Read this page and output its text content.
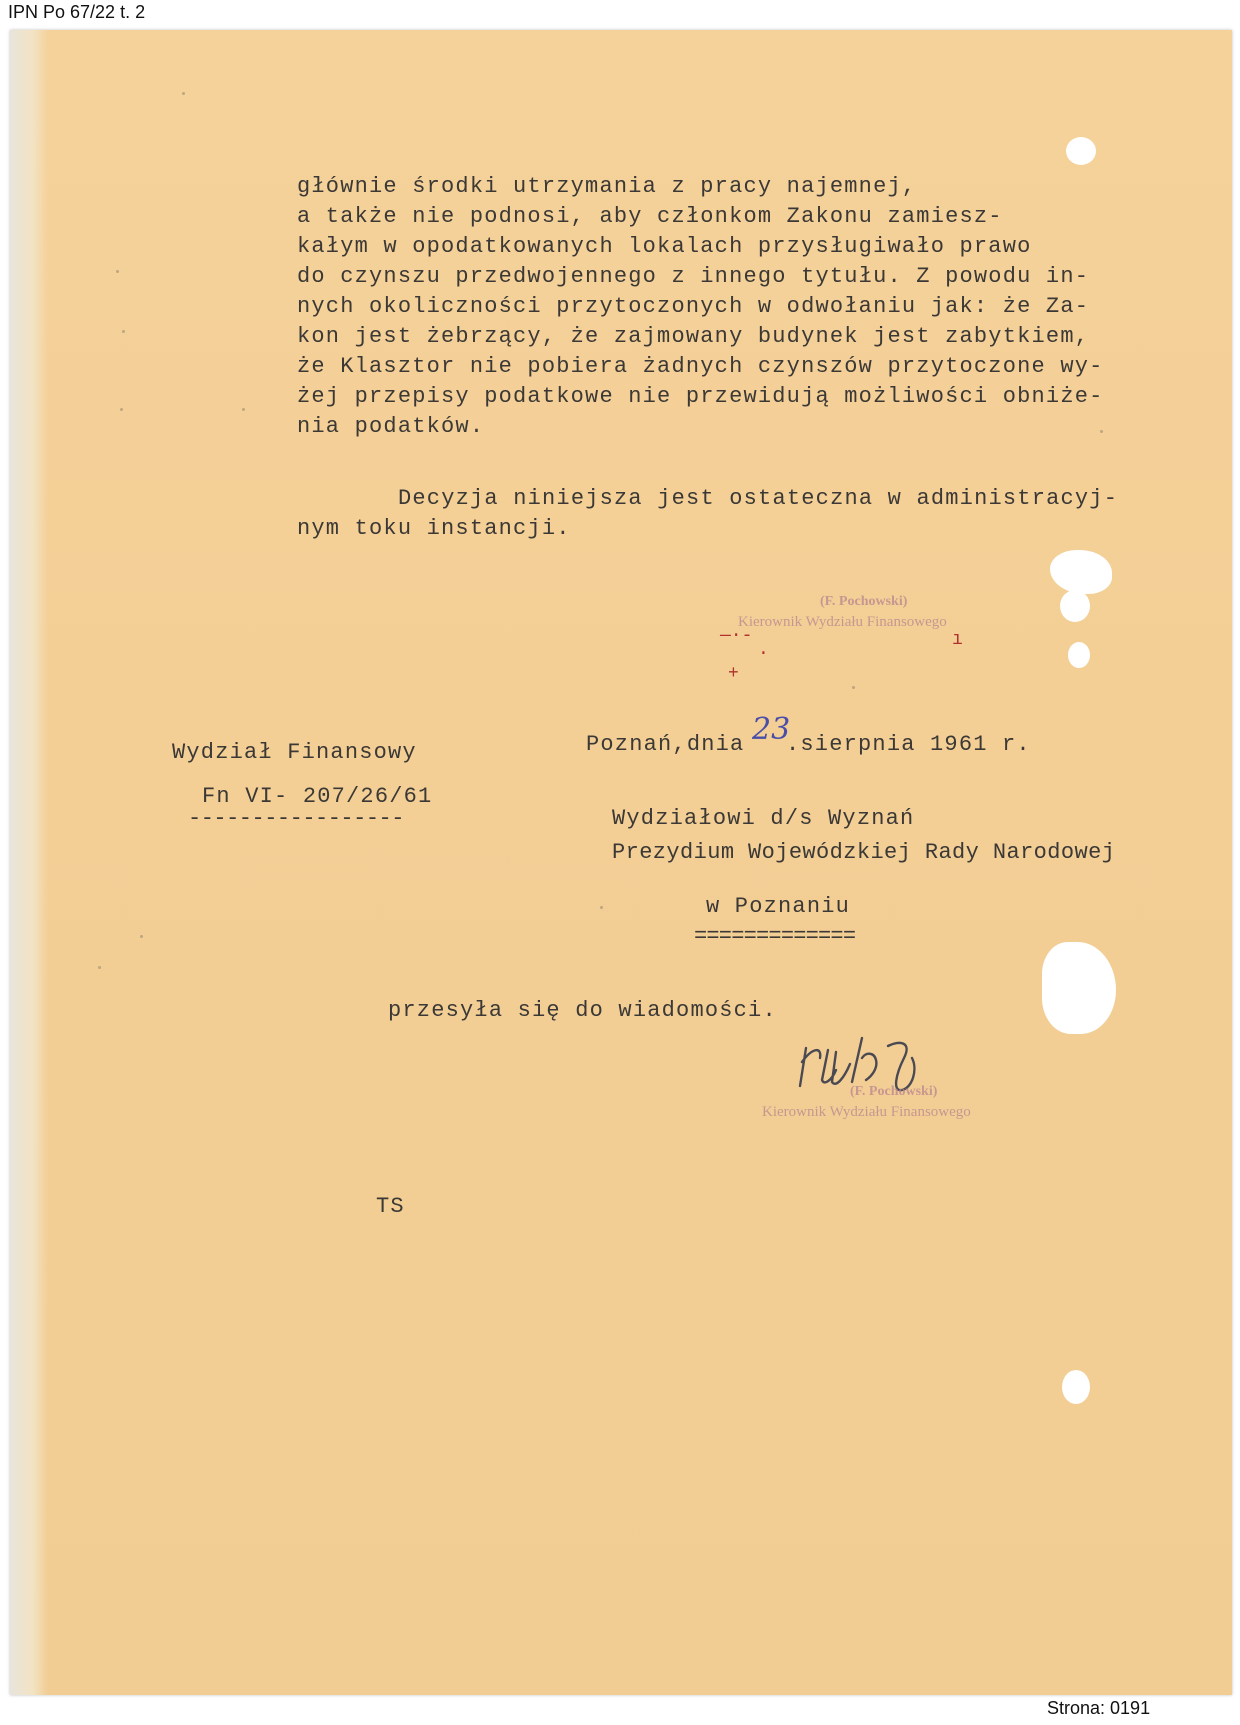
IPN Po 67/22 t. 2
głównie środki utrzymania z pracy najemnej,
a także nie podnosi, aby członkom Zakonu zamiesz-
kałym w opodatkowanych lokalach przysługiwało prawo
do czynszu przedwojennego z innego tytułu. Z powodu in-
nych okoliczności przytoczonych w odwołaniu jak: że Za-
kon jest żebrzący, że zajmowany budynek jest zabytkiem,
że Klasztor nie pobiera żadnych czynszów przytoczone wy-
żej przepisy podatkowe nie przewidują możliwości obniże-
nia podatków.
Decyzja niniejsza jest ostateczna w administracyj-
nym toku instancji.
(F. Pochowski)
Kierownik Wydziału Finansowego
—·-
·
+
ı
Wydział Finansowy
Fn VI- 207/26/61
-----------------
Poznań,dnia 23
.sierpnia 1961 r.
Wydziałowi d/s Wyznań
Prezydium Wojewódzkiej Rady Narodowej
w Poznaniu
=============
przesyła się do wiadomości.
(F. Pochowski)
Kierownik Wydziału Finansowego
TS
Strona: 0191
